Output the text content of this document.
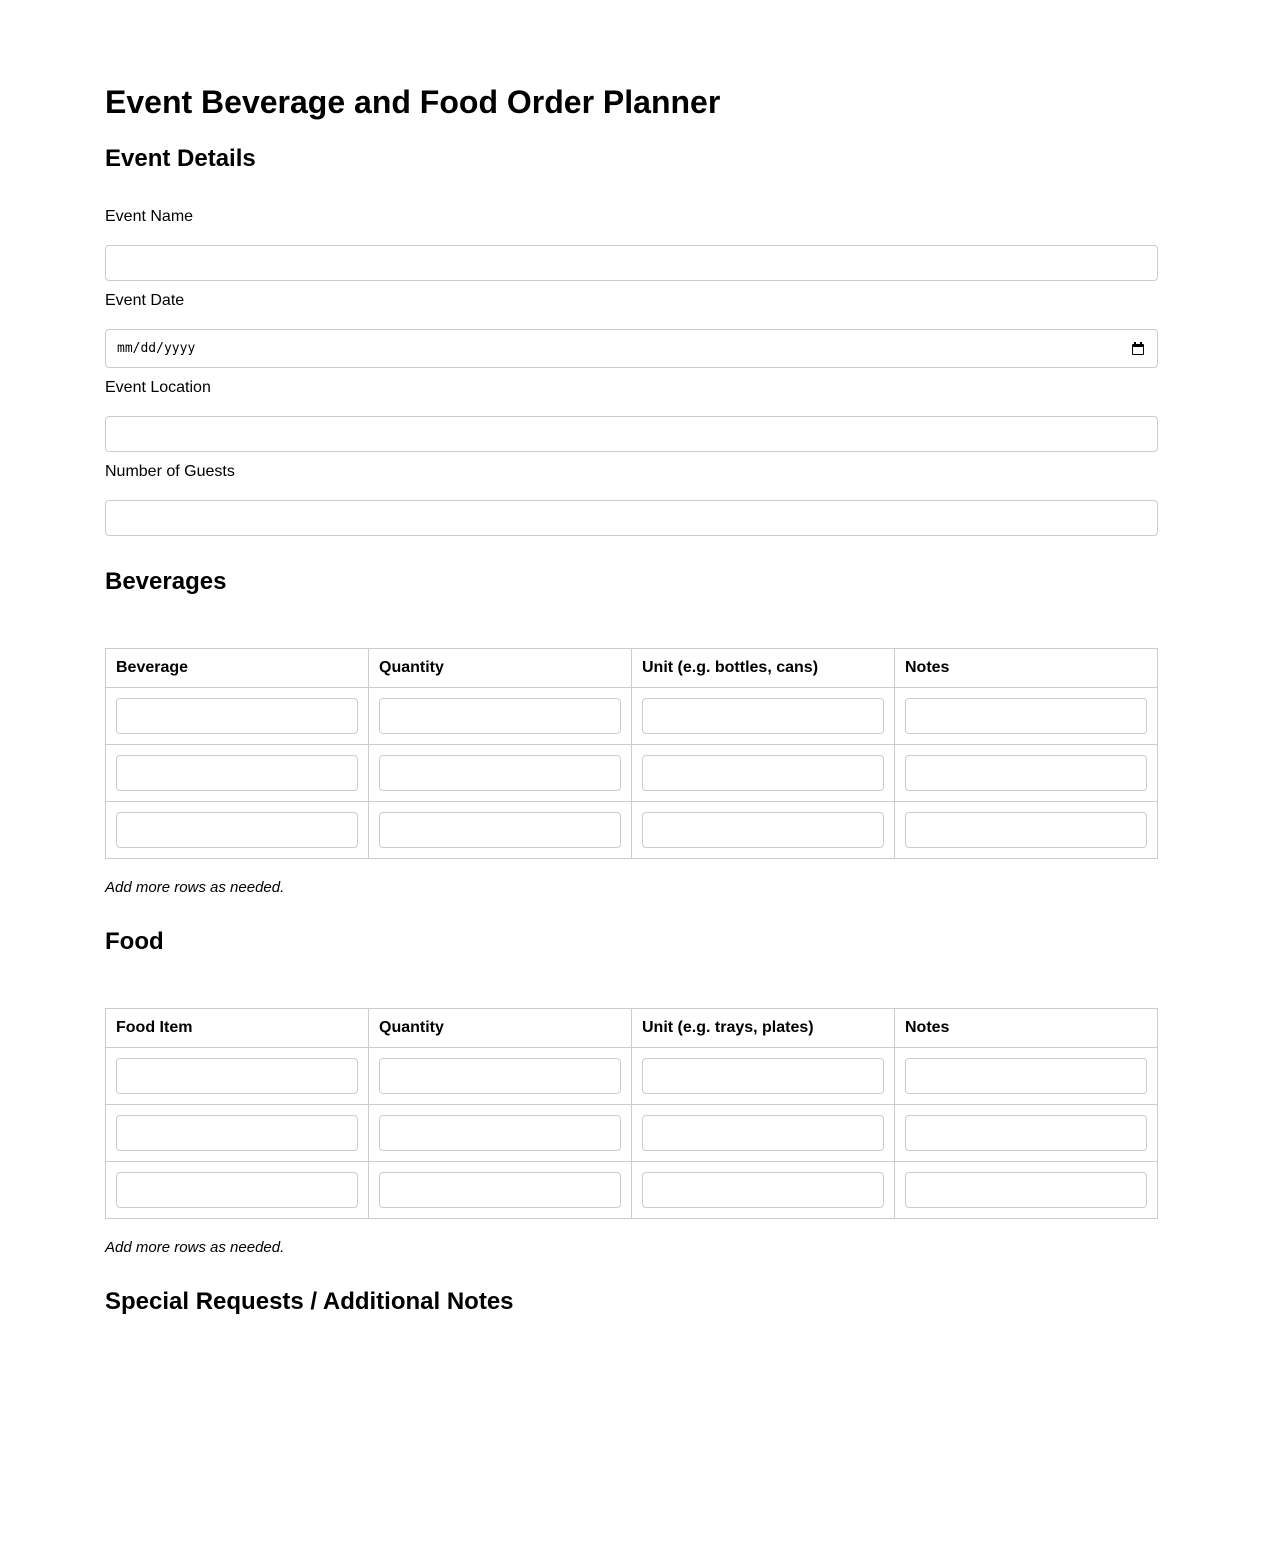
Event Beverage and Food Order Planner
Event Details
Event Name
Event Date
mm/dd/yyyy
Event Location
Number of Guests
Beverages
Beverage	Quantity	Unit (e.g. bottles, cans)	Notes

Add more rows as needed.
Food
Food Item	Quantity	Unit (e.g. trays, plates)	Notes

Add more rows as needed.
Special Requests / Additional Notes
